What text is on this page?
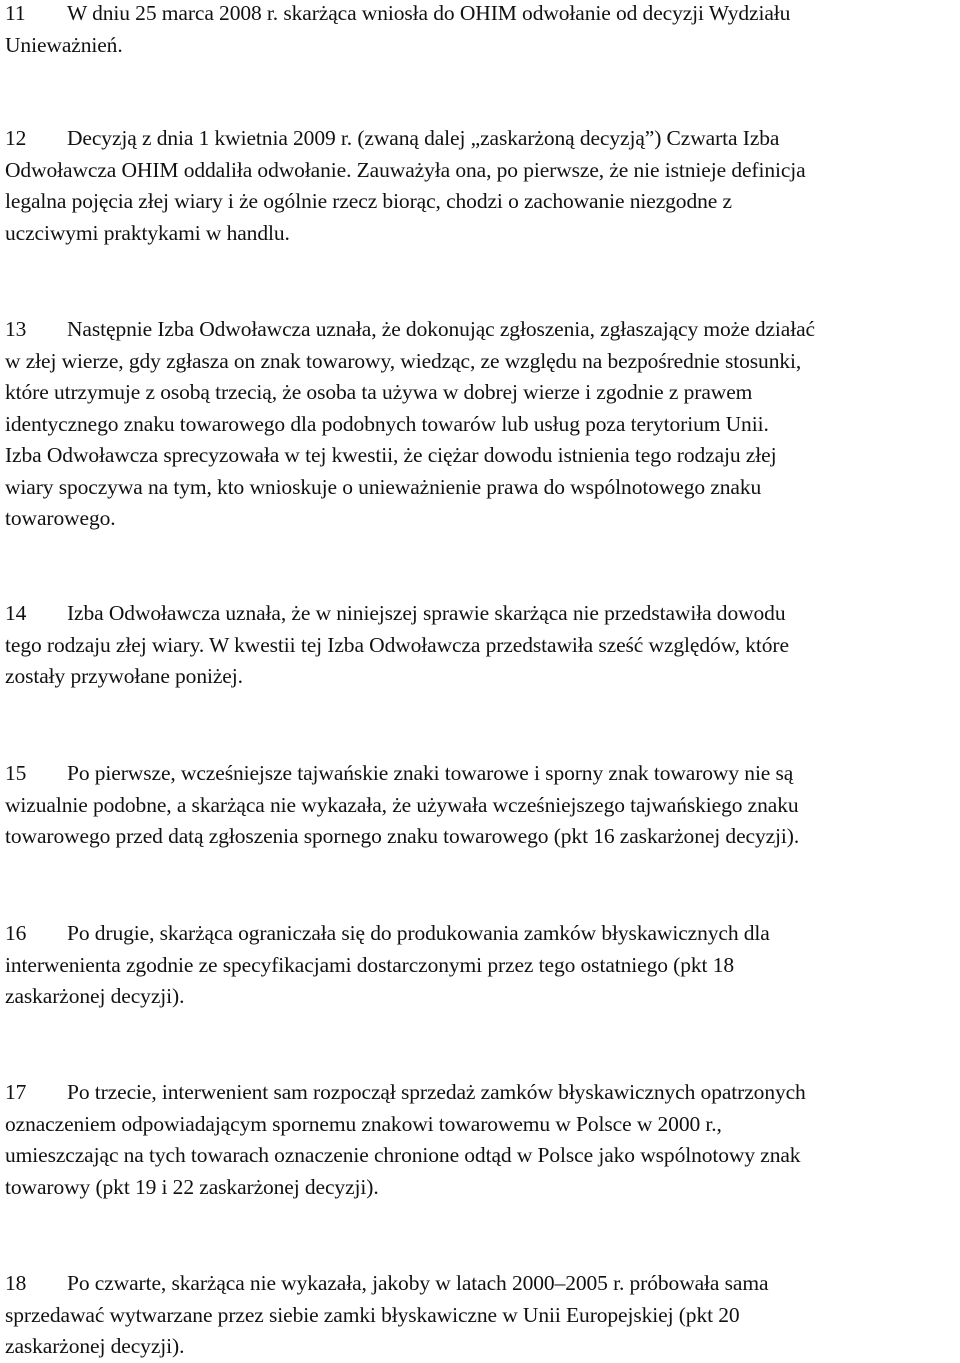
11 W dniu 25 marca 2008 r. skarżąca wniosła do OHIM odwołanie od decyzji Wydziału
Unieważnień.

12 Decyzją z dnia 1 kwietnia 2009 r. (zwaną dalej „zaskarżoną decyzją”) Czwarta Izba
Odwoławcza OHIM oddaliła odwołanie. Zauważyła ona, po pierwsze, że nie istnieje definicja
legalna pojęcia złej wiary i że ogólnie rzecz biorąc, chodzi o zachowanie niezgodne z
uczciwymi praktykami w handlu.

13 Następnie Izba Odwoławcza uznała, że dokonując zgłoszenia, zgłaszający może działać
w złej wierze, gdy zgłasza on znak towarowy, wiedząc, ze względu na bezpośrednie stosunki,
które utrzymuje z osobą trzecią, że osoba ta używa w dobrej wierze i zgodnie z prawem
identycznego znaku towarowego dla podobnych towarów lub usług poza terytorium Unii.
Izba Odwoławcza sprecyzowała w tej kwestii, że ciężar dowodu istnienia tego rodzaju złej
wiary spoczywa na tym, kto wnioskuje o unieważnienie prawa do wspólnotowego znaku
towarowego.

14 Izba Odwoławcza uznała, że w niniejszej sprawie skarżąca nie przedstawiła dowodu
tego rodzaju złej wiary. W kwestii tej Izba Odwoławcza przedstawiła sześć względów, które
zostały przywołane poniżej.

15 Po pierwsze, wcześniejsze tajwańskie znaki towarowe i sporny znak towarowy nie są
wizualnie podobne, a skarżąca nie wykazała, że używała wcześniejszego tajwańskiego znaku
towarowego przed datą zgłoszenia spornego znaku towarowego (pkt 16 zaskarżonej decyzji).

16 Po drugie, skarżąca ograniczała się do produkowania zamków błyskawicznych dla
interwenienta zgodnie ze specyfikacjami dostarczonymi przez tego ostatniego (pkt 18
zaskarżonej decyzji).

17 Po trzecie, interwenient sam rozpoczął sprzedaż zamków błyskawicznych opatrzonych
oznaczeniem odpowiadającym spornemu znakowi towarowemu w Polsce w 2000 r.,
umieszczając na tych towarach oznaczenie chronione odtąd w Polsce jako wspólnotowy znak
towarowy (pkt 19 i 22 zaskarżonej decyzji).

18 Po czwarte, skarżąca nie wykazała, jakoby w latach 2000–2005 r. próbowała sama
sprzedawać wytwarzane przez siebie zamki błyskawiczne w Unii Europejskiej (pkt 20
zaskarżonej decyzji).
